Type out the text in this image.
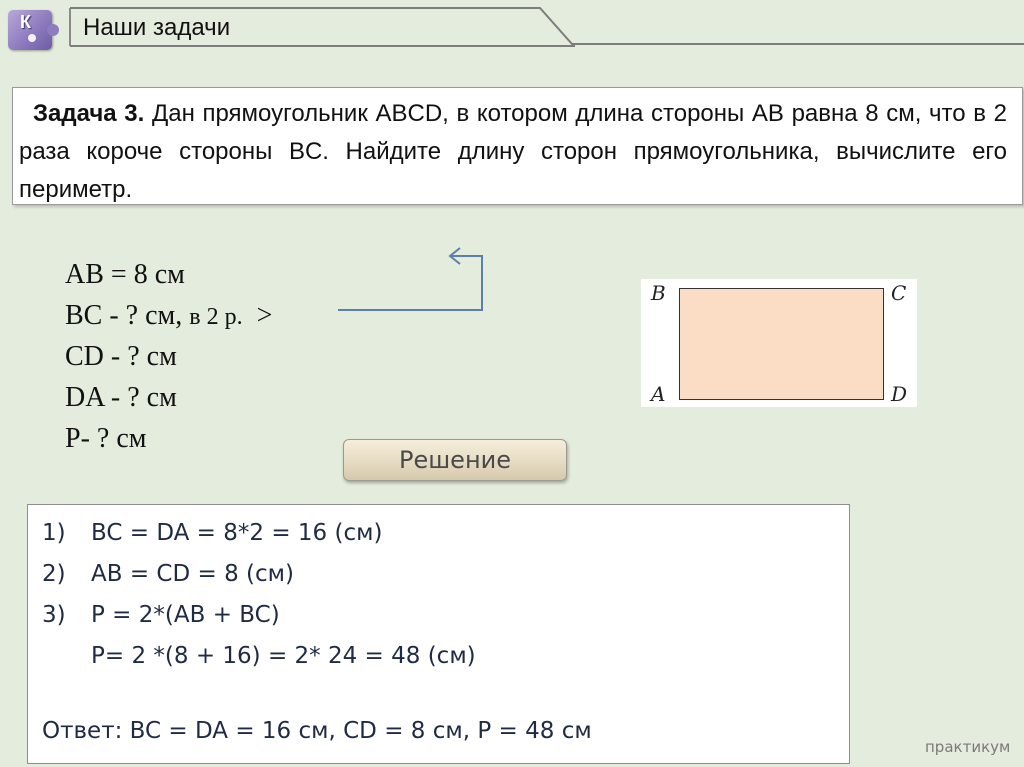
К Наши задачи
Задача 3. Дан прямоугольник ABCD, в котором длина стороны AB равна 8 см, что в 2 раза короче стороны BC. Найдите длину сторон прямоугольника, вычислите его периметр.
AB = 8 см
BC - ? см, в 2 р. >
CD - ? см
DA - ? см
P- ? см
B	C
A	D
Решение
1) BC = DA = 8*2 = 16 (см)
2) AB = CD = 8 (см)
3) P = 2*(AB + BC)
P= 2 *(8 + 16) = 2* 24 = 48 (см)
Ответ: BC = DA = 16 см, CD = 8 см, P = 48 см
практикум
